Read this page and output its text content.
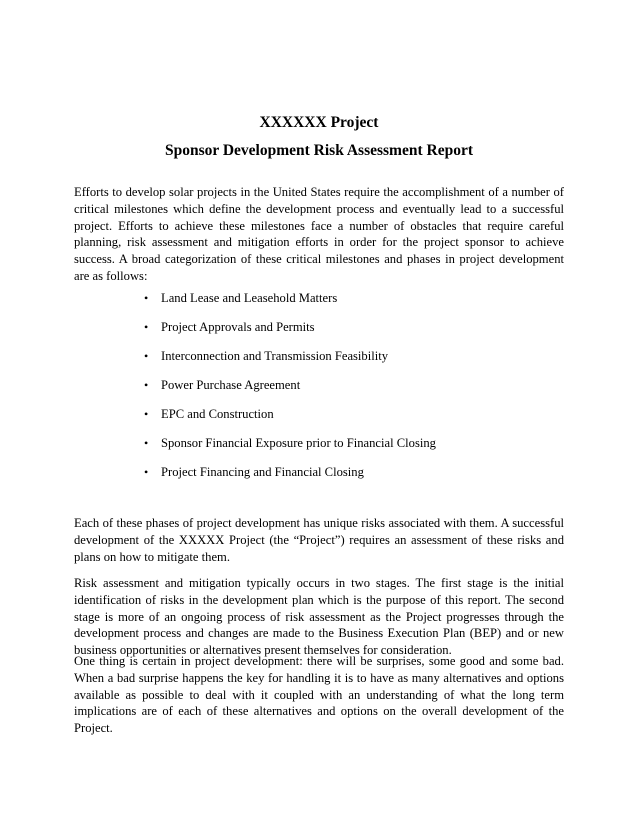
XXXXXX Project
Sponsor Development Risk Assessment Report

Efforts to develop solar projects in the United States require the accomplishment of a number of critical milestones which define the development process and eventually lead to a successful project. Efforts to achieve these milestones face a number of obstacles that require careful planning, risk assessment and mitigation efforts in order for the project sponsor to achieve success. A broad categorization of these critical milestones and phases in project development are as follows:

• Land Lease and Leasehold Matters
• Project Approvals and Permits
• Interconnection and Transmission Feasibility
• Power Purchase Agreement
• EPC and Construction
• Sponsor Financial Exposure prior to Financial Closing
• Project Financing and Financial Closing

Each of these phases of project development has unique risks associated with them. A successful development of the XXXXX Project (the “Project”) requires an assessment of these risks and plans on how to mitigate them.

Risk assessment and mitigation typically occurs in two stages. The first stage is the initial identification of risks in the development plan which is the purpose of this report. The second stage is more of an ongoing process of risk assessment as the Project progresses through the development process and changes are made to the Business Execution Plan (BEP) and or new business opportunities or alternatives present themselves for consideration.

One thing is certain in project development: there will be surprises, some good and some bad. When a bad surprise happens the key for handling it is to have as many alternatives and options available as possible to deal with it coupled with an understanding of what the long term implications are of each of these alternatives and options on the overall development of the Project.
